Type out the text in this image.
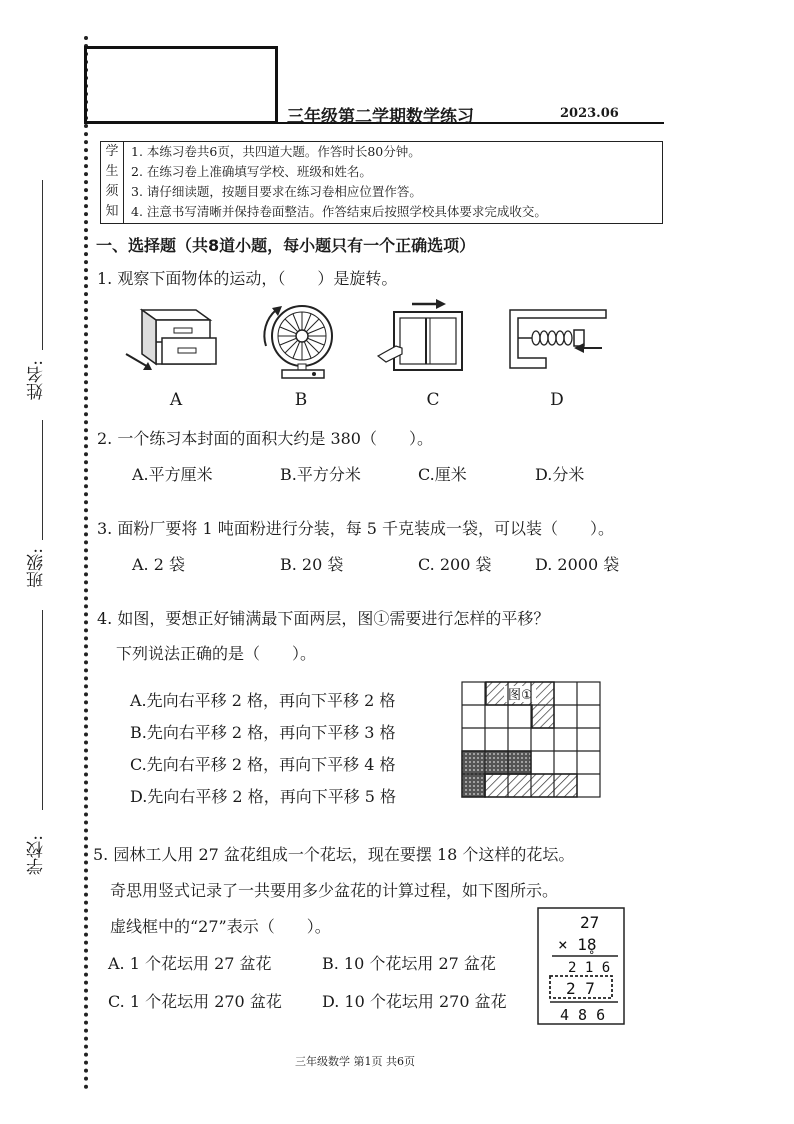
姓名:
班级:
学校:
三年级第二学期数学练习	2023.06
学
生
须
知
1. 本练习卷共6页，共四道大题。作答时长80分钟。
2. 在练习卷上准确填写学校、班级和姓名。
3. 请仔细读题，按题目要求在练习卷相应位置作答。
4. 注意书写清晰并保持卷面整洁。作答结束后按照学校具体要求完成收交。
一、选择题（共8道小题，每小题只有一个正确选项）
1. 观察下面物体的运动，（　　）是旋转。
A	B	C	D
2. 一个练习本封面的面积大约是 380（　　）。
A.平方厘米	B.平方分米	C.厘米	D.分米
3. 面粉厂要将 1 吨面粉进行分装，每 5 千克装成一袋，可以装（　　）。
A. 2 袋	B. 20 袋	C. 200 袋	D. 2000 袋
4. 如图，要想正好铺满最下面两层，图①需要进行怎样的平移？
下列说法正确的是（　　）。
A.先向右平移 2 格，再向下平移 2 格
B.先向右平移 2 格，再向下平移 3 格
C.先向右平移 2 格，再向下平移 4 格
D.先向右平移 2 格，再向下平移 5 格
图①
5. 园林工人用 27 盆花组成一个花坛，现在要摆 18 个这样的花坛。
奇思用竖式记录了一共要用多少盆花的计算过程，如下图所示。
虚线框中的“27”表示（　　）。
A. 1 个花坛用 27 盆花	B. 10 个花坛用 27 盆花
C. 1 个花坛用 270 盆花	D. 10 个花坛用 270 盆花
27
× 1̥8
2 1 6
2 7
4 8 6
三年级数学 第1页 共6页
